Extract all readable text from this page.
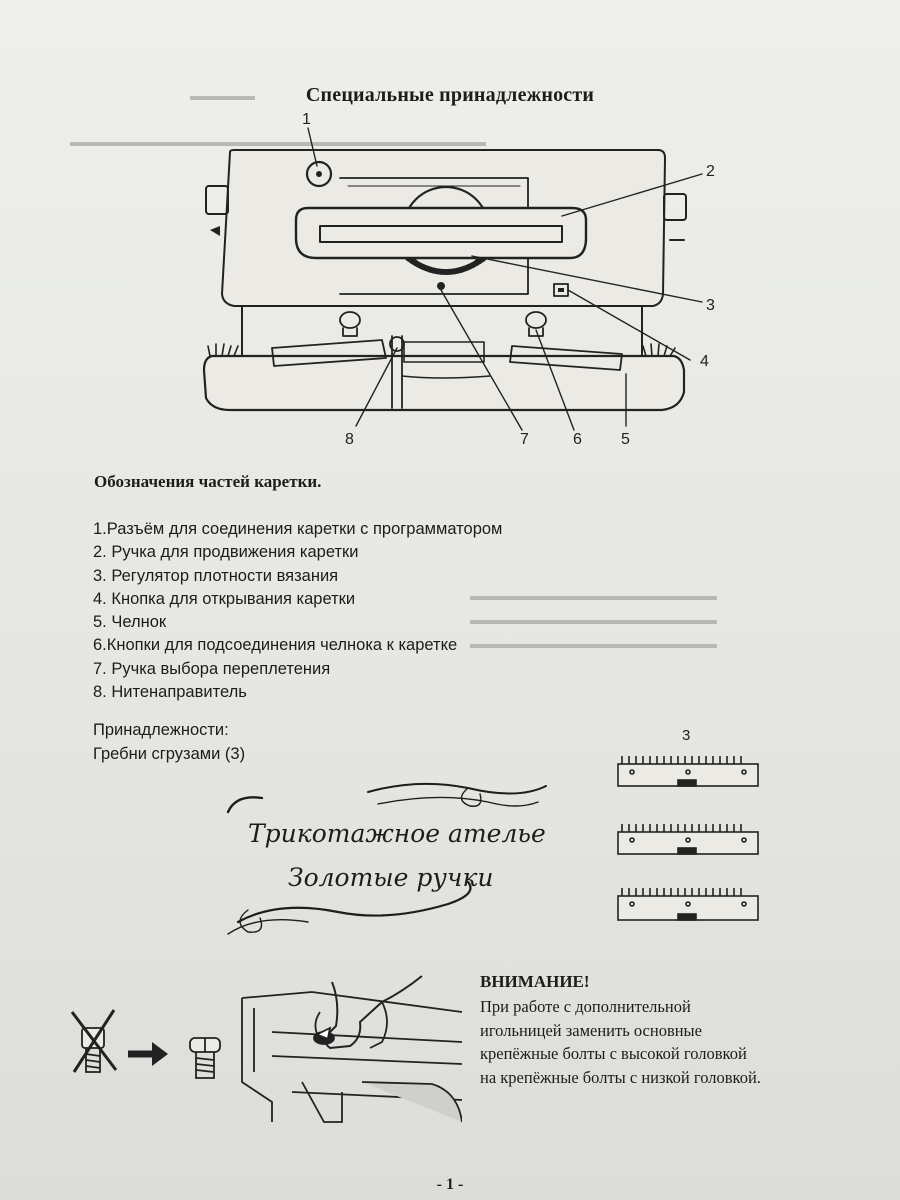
▬▬▬▬▬
▬▬▬▬▬▬▬▬▬▬▬▬▬▬▬▬▬▬▬▬▬▬▬▬▬▬▬▬▬▬▬▬
▬▬▬▬▬▬▬▬▬▬▬▬▬▬▬▬▬▬▬
▬▬▬▬▬▬▬▬▬▬▬▬▬▬▬▬▬▬▬
▬▬▬▬▬▬▬▬▬▬▬▬▬▬▬▬▬▬▬
Специальные принадлежности
1
2
3
4
5
6
7
8
Обозначения частей каретки.
1.Разъём для соединения каретки с программатором
2. Ручка для продвижения каретки
3. Регулятор плотности вязания
4. Кнопка для открывания каретки
5. Челнок
6.Кнопки для подсоединения челнока к каретке
7. Ручка выбора переплетения
8. Нитенаправитель
Принадлежности:
Гребни сгрузами (3)
3
Трикотажное ателье
Золотые ручки
ВНИМАНИЕ!
При работе с дополнительной
игольницей заменить основные
крепёжные болты с высокой головкой
на крепёжные болты с низкой головкой.
- 1 -
